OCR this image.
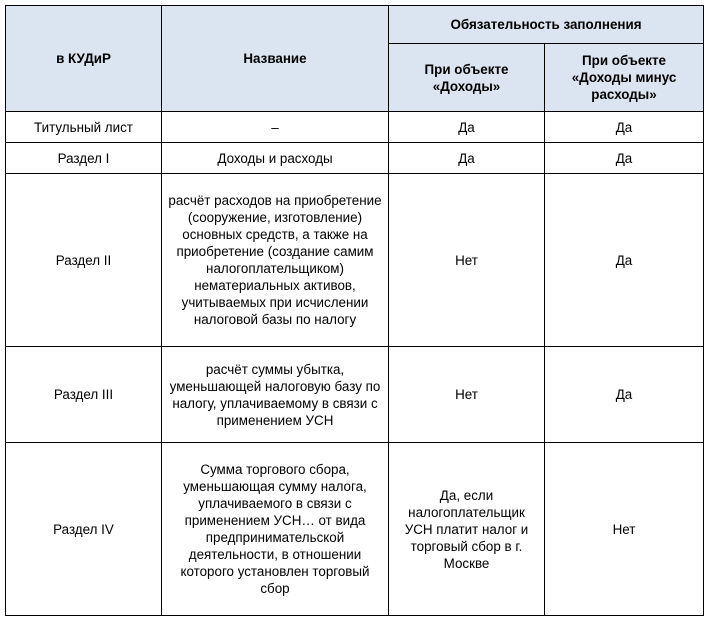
в КУДиР	Название	Обязательность заполнения	
		При объекте «Доходы»	При объекте «Доходы минус расходы»
Титульный лист	–	Да	Да
Раздел I	Доходы и расходы	Да	Да
Раздел II	расчёт расходов на приобретение (сооружение, изготовление) основных средств, а также на приобретение (создание самим налогоплательщиком) нематериальных активов, учитываемых при исчислении налоговой базы по налогу	Нет	Да
Раздел III	расчёт суммы убытка, уменьшающей налоговую базу по налогу, уплачиваемому в связи с применением УСН	Нет	Да
Раздел IV	Сумма торгового сбора, уменьшающая сумму налога, уплачиваемого в связи с применением УСН… от вида предпринимательской деятельности, в отношении которого установлен торговый сбор	Да, если налогоплательщик УСН платит налог и торговый сбор в г. Москве	Нет
